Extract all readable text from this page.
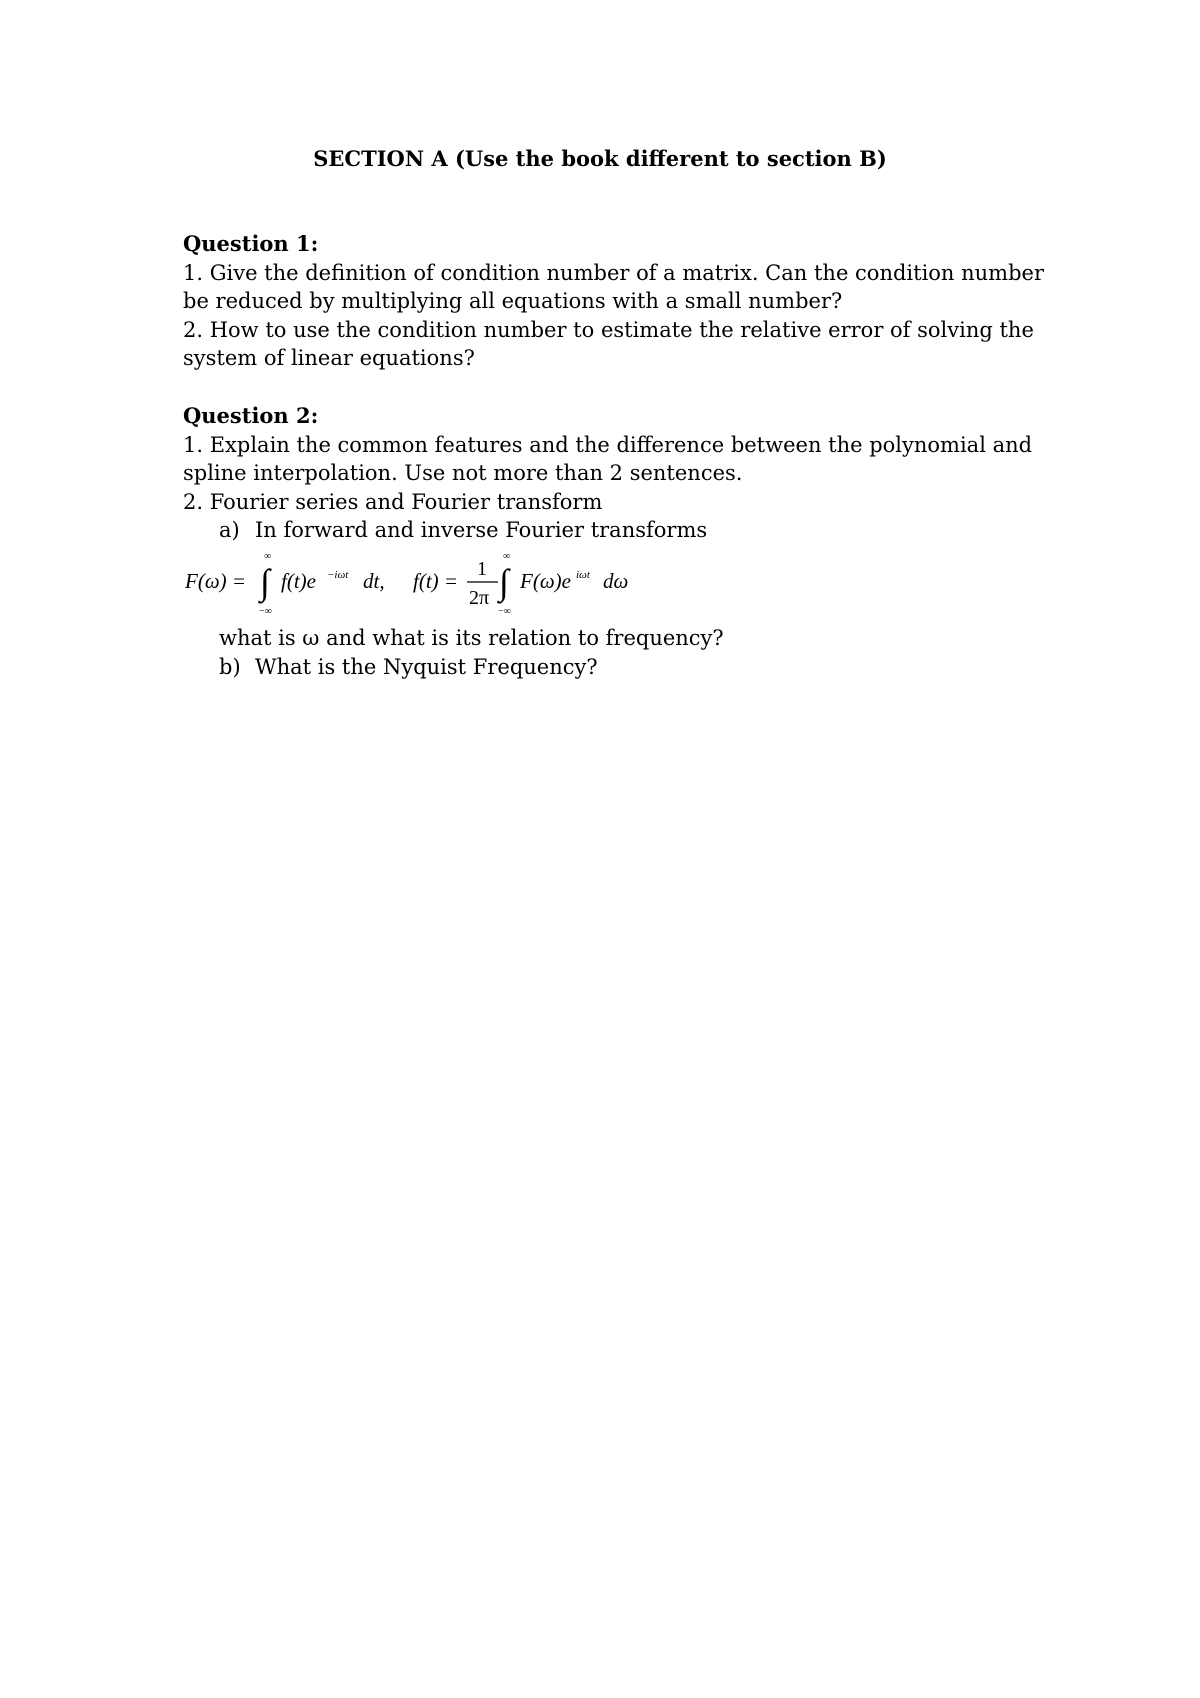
SECTION A (Use the book different to section B)
Question 1:
1. Give the definition of condition number of a matrix. Can the condition number
be reduced by multiplying all equations with a small number?
2. How to use the condition number to estimate the relative error of solving the
system of linear equations?
Question 2:
1. Explain the common features and the difference between the polynomial and
spline interpolation. Use not more than 2 sentences.
2. Fourier series and Fourier transform
a) In forward and inverse Fourier transforms
F(ω) = ∫
∞
−∞
f(t)e −iωt dt, f(t) = 1
2π ∫
∞
−∞
F(ω)e iωt dω
what is ω and what is its relation to frequency?
b) What is the Nyquist Frequency?
